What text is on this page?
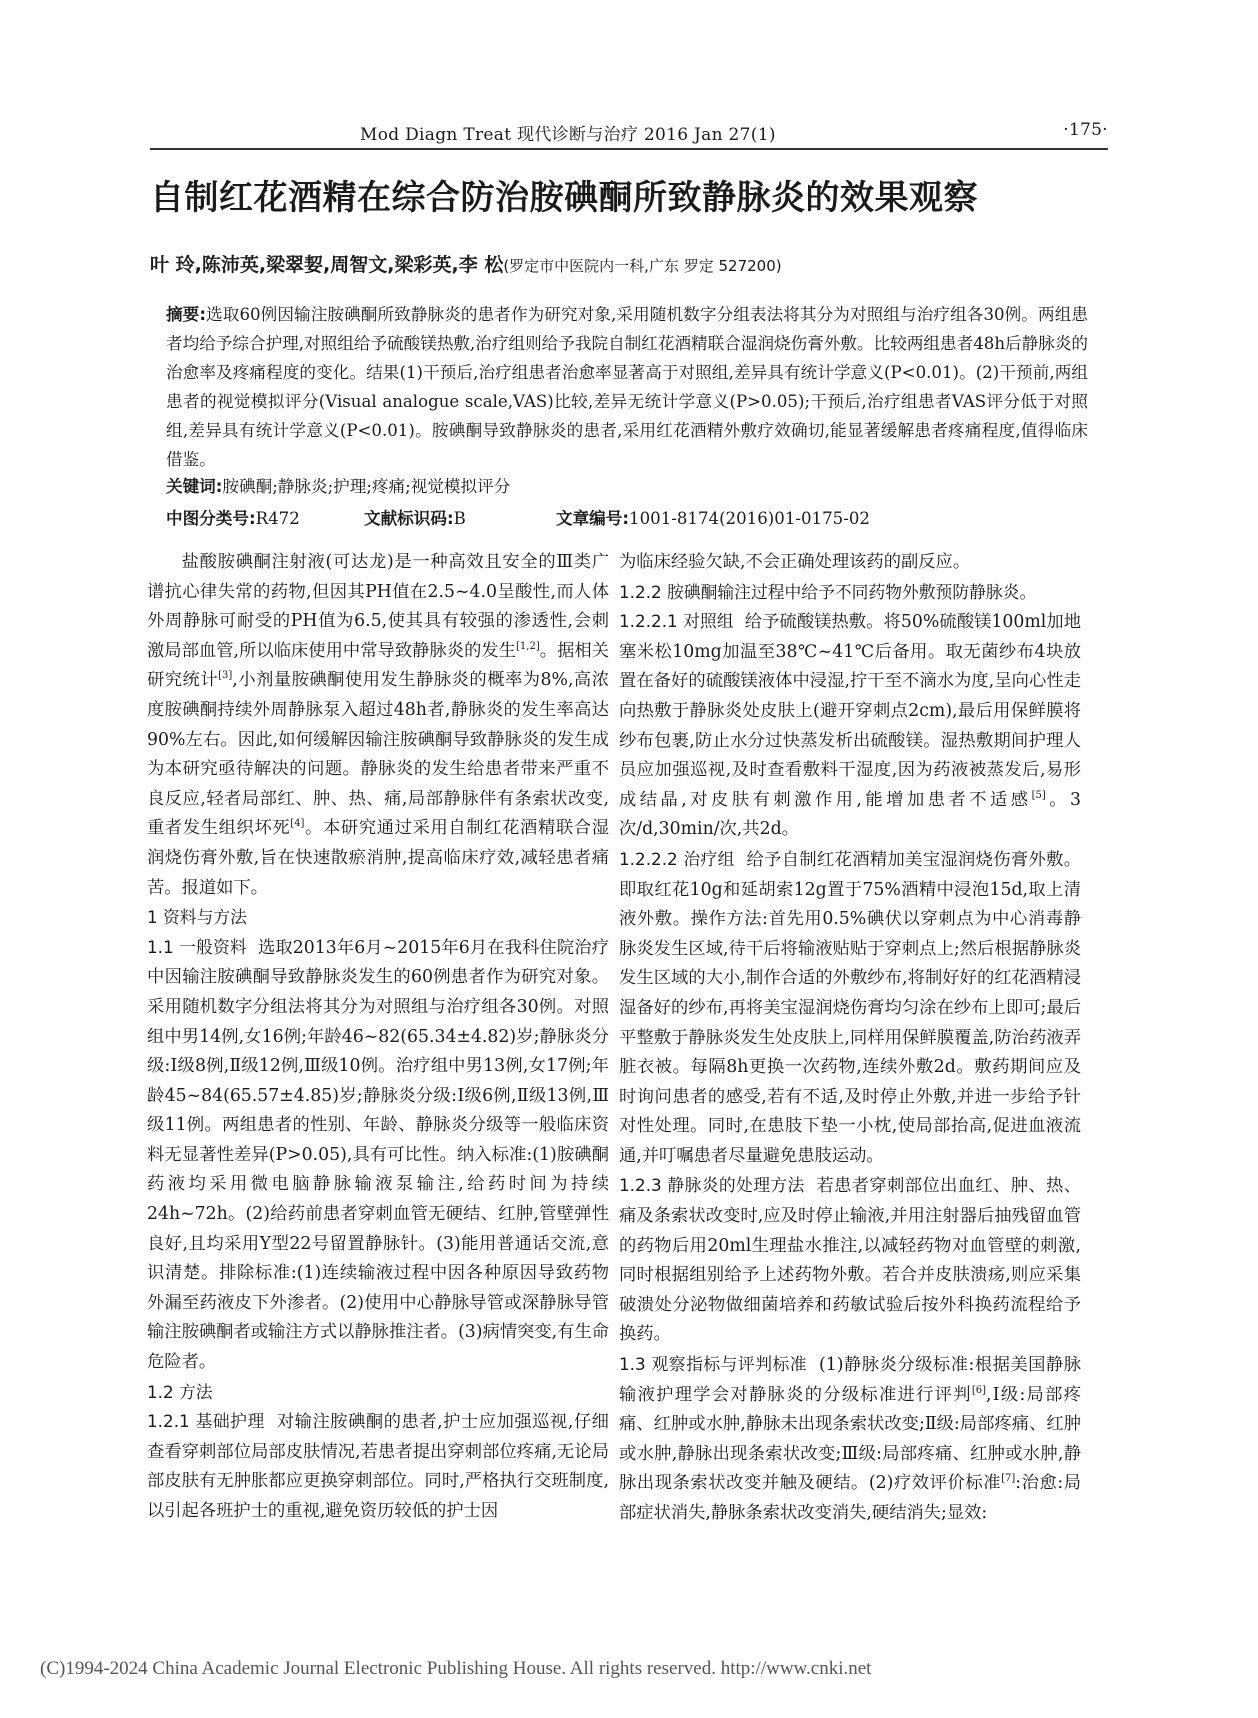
Mod Diagn Treat 现代诊断与治疗 2016 Jan 27(1)	·175·
自制红花酒精在综合防治胺碘酮所致静脉炎的效果观察
叶 玲,陈沛英,梁翠㛃,周智文,梁彩英,李 松(罗定市中医院内一科,广东 罗定 527200)
摘要:选取60例因输注胺碘酮所致静脉炎的患者作为研究对象,采用随机数字分组表法将其分为对照组与治疗组各30例。两组患者均给予综合护理,对照组给予硫酸镁热敷,治疗组则给予我院自制红花酒精联合湿润烧伤膏外敷。比较两组患者48h后静脉炎的治愈率及疼痛程度的变化。结果(1)干预后,治疗组患者治愈率显著高于对照组,差异具有统计学意义(P<0.01)。(2)干预前,两组患者的视觉模拟评分(Visual analogue scale,VAS)比较,差异无统计学意义(P>0.05);干预后,治疗组患者VAS评分低于对照组,差异具有统计学意义(P<0.01)。胺碘酮导致静脉炎的患者,采用红花酒精外敷疗效确切,能显著缓解患者疼痛程度,值得临床借鉴。
关键词:胺碘酮;静脉炎;护理;疼痛;视觉模拟评分
中图分类号: R472	文献标识码: B	文章编号: 1001-8174(2016)01-0175-02

盐酸胺碘酮注射液(可达龙)是一种高效且安全的Ⅲ类广谱抗心律失常的药物,但因其PH值在2.5~4.0呈酸性,而人体外周静脉可耐受的PH值为6.5,使其具有较强的渗透性,会刺激局部血管,所以临床使用中常导致静脉炎的发生[1,2]。据相关研究统计[3],小剂量胺碘酮使用发生静脉炎的概率为8%,高浓度胺碘酮持续外周静脉泵入超过48h者,静脉炎的发生率高达90%左右。因此,如何缓解因输注胺碘酮导致静脉炎的发生成为本研究亟待解决的问题。静脉炎的发生给患者带来严重不良反应,轻者局部红、肿、热、痛,局部静脉伴有条索状改变,重者发生组织坏死[4]。本研究通过采用自制红花酒精联合湿润烧伤膏外敷,旨在快速散瘀消肿,提高临床疗效,减轻患者痛苦。报道如下。

1 资料与方法

1.1 一般资料 选取2013年6月~2015年6月在我科住院治疗中因输注胺碘酮导致静脉炎发生的60例患者作为研究对象。采用随机数字分组法将其分为对照组与治疗组各30例。对照组中男14例,女16例;年龄46~82(65.34±4.82)岁;静脉炎分级:Ⅰ级8例,Ⅱ级12例,Ⅲ级10例。治疗组中男13例,女17例;年龄45~84(65.57±4.85)岁;静脉炎分级:Ⅰ级6例,Ⅱ级13例,Ⅲ级11例。两组患者的性别、年龄、静脉炎分级等一般临床资料无显著性差异(P>0.05),具有可比性。纳入标准:(1)胺碘酮药液均采用微电脑静脉输液泵输注,给药时间为持续24h~72h。(2)给药前患者穿刺血管无硬结、红肿,管壁弹性良好,且均采用Y型22号留置静脉针。(3)能用普通话交流,意识清楚。排除标准:(1)连续输液过程中因各种原因导致药物外漏至药液皮下外渗者。(2)使用中心静脉导管或深静脉导管输注胺碘酮者或输注方式以静脉推注者。(3)病情突变,有生命危险者。

1.2 方法

1.2.1 基础护理 对输注胺碘酮的患者,护士应加强巡视,仔细查看穿刺部位局部皮肤情况,若患者提出穿刺部位疼痛,无论局部皮肤有无肿胀都应更换穿刺部位。同时,严格执行交班制度,以引起各班护士的重视,避免资历较低的护士因

为临床经验欠缺,不会正确处理该药的副反应。

1.2.2 胺碘酮输注过程中给予不同药物外敷预防静脉炎。

1.2.2.1 对照组 给予硫酸镁热敷。将50%硫酸镁100ml加地塞米松10mg加温至38℃~41℃后备用。取无菌纱布4块放置在备好的硫酸镁液体中浸湿,拧干至不滴水为度,呈向心性走向热敷于静脉炎处皮肤上(避开穿刺点2cm),最后用保鲜膜将纱布包裹,防止水分过快蒸发析出硫酸镁。湿热敷期间护理人员应加强巡视,及时查看敷料干湿度,因为药液被蒸发后,易形成结晶,对皮肤有刺激作用,能增加患者不适感[5]。3次/d,30min/次,共2d。

1.2.2.2 治疗组 给予自制红花酒精加美宝湿润烧伤膏外敷。即取红花10g和延胡索12g置于75%酒精中浸泡15d,取上清液外敷。操作方法:首先用0.5%碘伏以穿刺点为中心消毒静脉炎发生区域,待干后将输液贴贴于穿刺点上;然后根据静脉炎发生区域的大小,制作合适的外敷纱布,将制好好的红花酒精浸湿备好的纱布,再将美宝湿润烧伤膏均匀涂在纱布上即可;最后平整敷于静脉炎发生处皮肤上,同样用保鲜膜覆盖,防治药液弄脏衣被。每隔8h更换一次药物,连续外敷2d。敷药期间应及时询问患者的感受,若有不适,及时停止外敷,并进一步给予针对性处理。同时,在患肢下垫一小枕,使局部抬高,促进血液流通,并叮嘱患者尽量避免患肢运动。

1.2.3 静脉炎的处理方法 若患者穿刺部位出血红、肿、热、痛及条索状改变时,应及时停止输液,并用注射器后抽残留血管的药物后用20ml生理盐水推注,以减轻药物对血管壁的刺激,同时根据组别给予上述药物外敷。若合并皮肤溃疡,则应采集破溃处分泌物做细菌培养和药敏试验后按外科换药流程给予换药。

1.3 观察指标与评判标准 (1)静脉炎分级标准:根据美国静脉输液护理学会对静脉炎的分级标准进行评判[6],Ⅰ级:局部疼痛、红肿或水肿,静脉未出现条索状改变;Ⅱ级:局部疼痛、红肿或水肿,静脉出现条索状改变;Ⅲ级:局部疼痛、红肿或水肿,静脉出现条索状改变并触及硬结。(2)疗效评价标准[7]:治愈:局部症状消失,静脉条索状改变消失,硬结消失;显效:

(C)1994-2024 China Academic Journal Electronic Publishing House. All rights reserved. http://www.cnki.net
